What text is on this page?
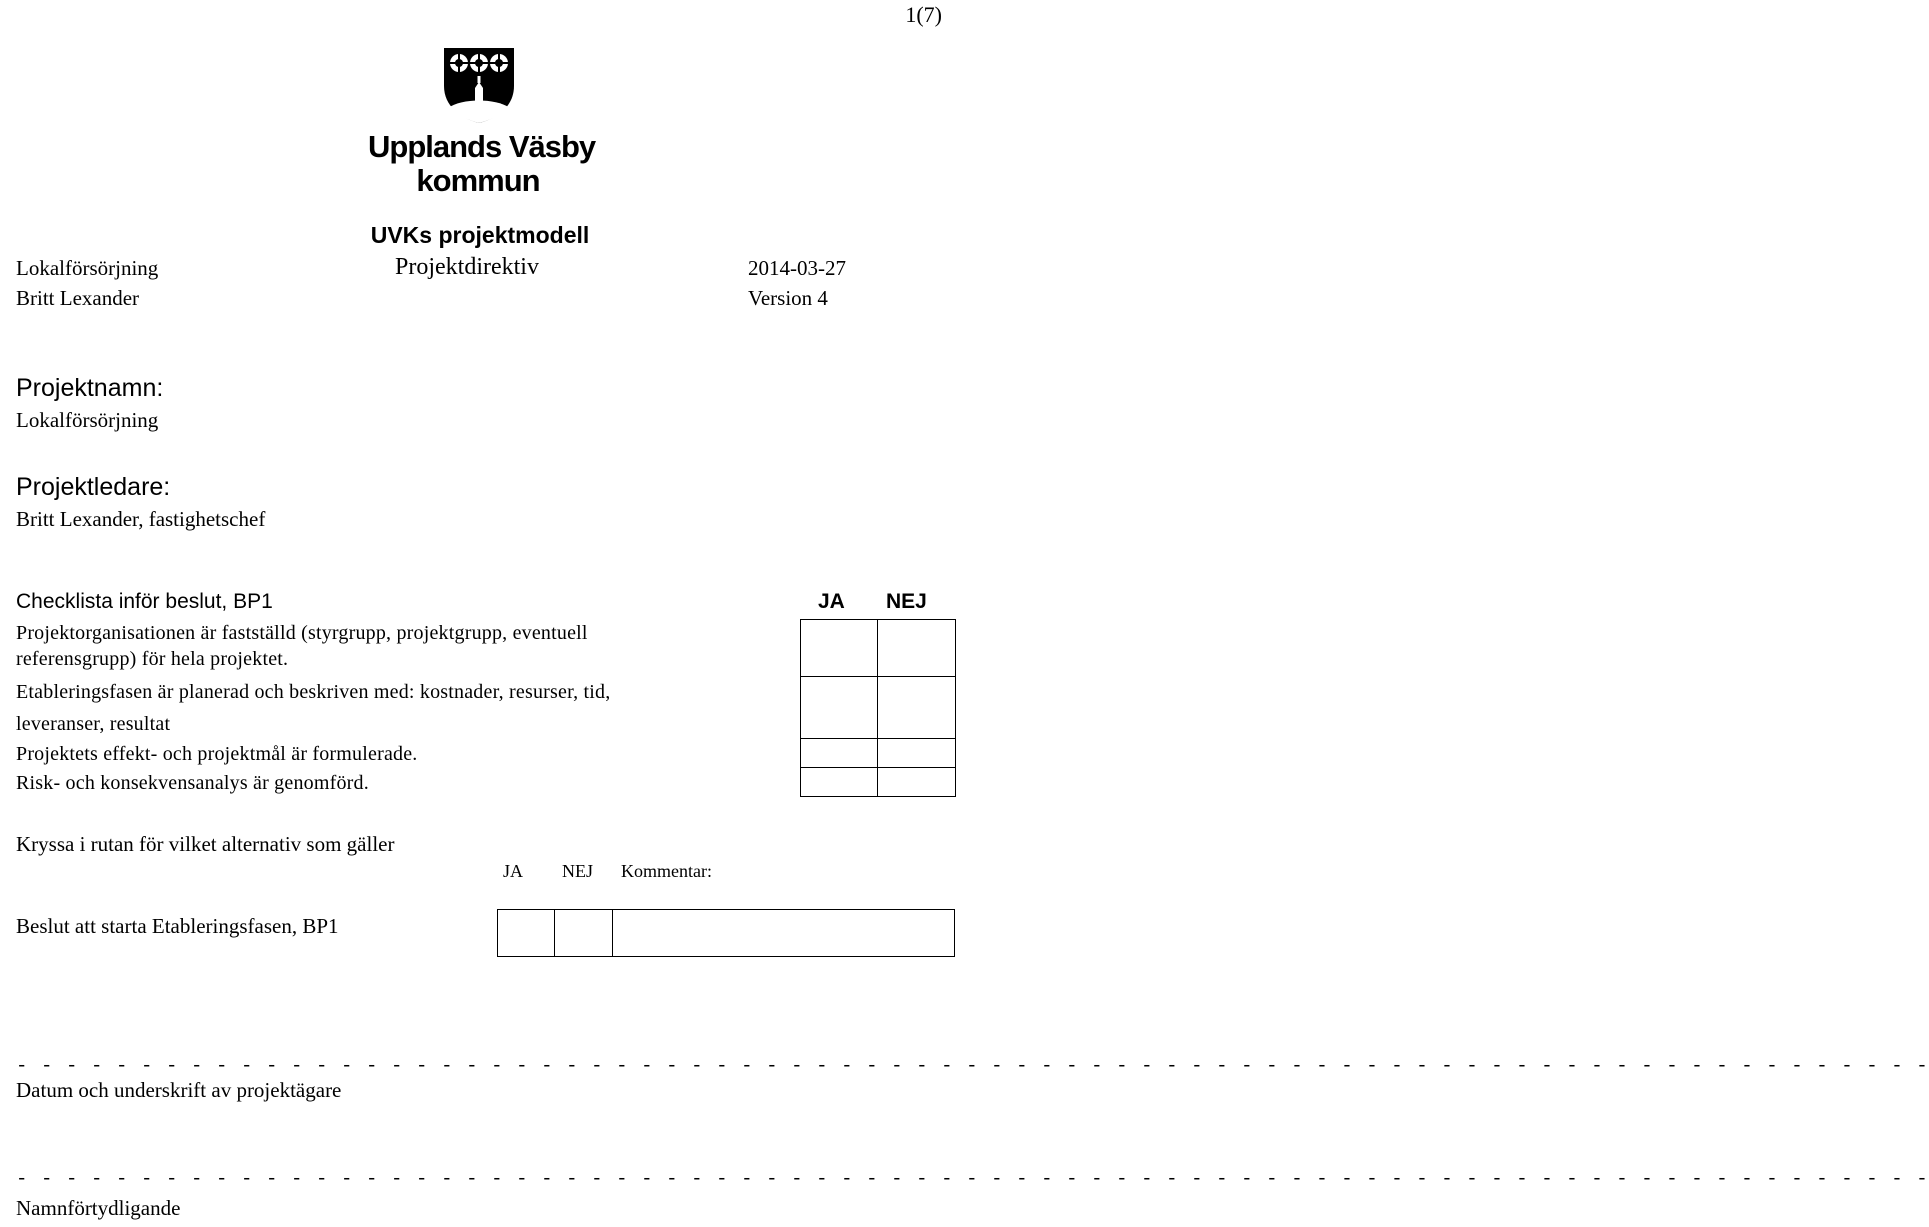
1(7)
Upplands Väsby
kommun
UVKs projektmodell
Lokalförsörjning	Projektdirektiv	2014-03-27
Britt Lexander	Version 4
Projektnamn:
Lokalförsörjning
Projektledare:
Britt Lexander, fastighetschef
Checklista inför beslut, BP1	JA NEJ
Projektorganisationen är fastställd (styrgrupp, projektgrupp, eventuell
referensgrupp) för hela projektet.
Etableringsfasen är planerad och beskriven med: kostnader, resurser, tid,
leveranser, resultat
Projektets effekt- och projektmål är formulerade.
Risk- och konsekvensanalys är genomförd.
Kryssa i rutan för vilket alternativ som gäller
JA NEJ Kommentar:
Beslut att starta Etableringsfasen, BP1
- - - - - - - - - - - - - - - - - - - - - - - - - - - - - - - - - - - - - - - - - - - - - - - - - - - - - - - - - - - - - - - - - - - - - - - - - - - - -
Datum och underskrift av projektägare
- - - - - - - - - - - - - - - - - - - - - - - - - - - - - - - - - - - - - - - - - - - - - - - - - - - - - - - - - - - - - - - - - - - - - - - - - - - - -
Namnförtydligande
